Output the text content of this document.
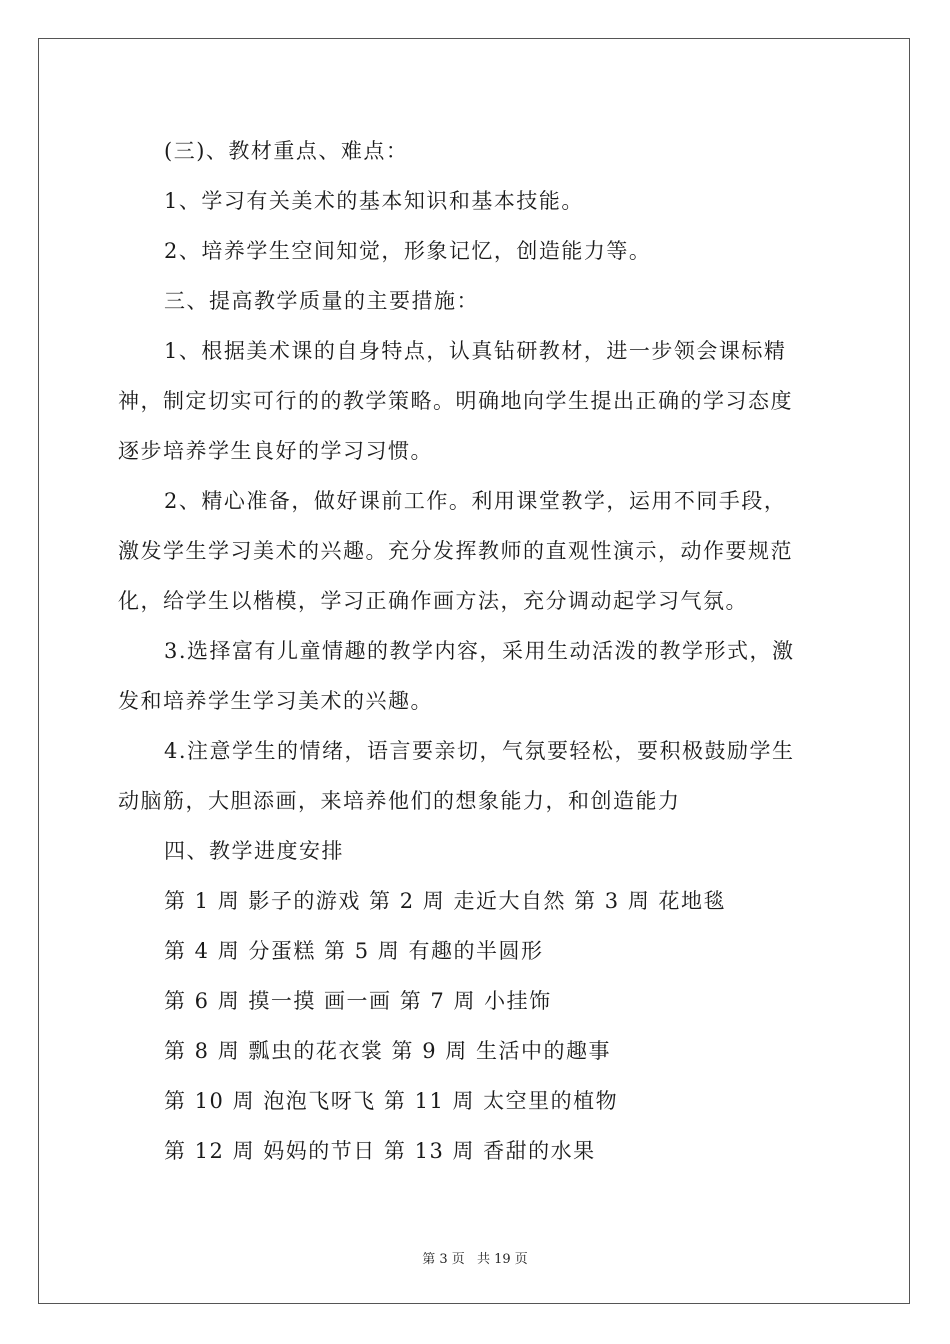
(三)、教材重点、难点：

1、学习有关美术的基本知识和基本技能。

2、培养学生空间知觉，形象记忆，创造能力等。

三、提高教学质量的主要措施：

1、根据美术课的自身特点，认真钻研教材，进一步领会课标精

神，制定切实可行的的教学策略。明确地向学生提出正确的学习态度

逐步培养学生良好的学习习惯。

2、精心准备，做好课前工作。利用课堂教学，运用不同手段，

激发学生学习美术的兴趣。充分发挥教师的直观性演示，动作要规范

化，给学生以楷模，学习正确作画方法，充分调动起学习气氛。

3.选择富有儿童情趣的教学内容，采用生动活泼的教学形式，激

发和培养学生学习美术的兴趣。

4.注意学生的情绪，语言要亲切，气氛要轻松，要积极鼓励学生

动脑筋，大胆添画，来培养他们的想象能力，和创造能力

四、教学进度安排

第 1 周 影子的游戏 第 2 周 走近大自然 第 3 周 花地毯

第 4 周 分蛋糕 第 5 周 有趣的半圆形

第 6 周 摸一摸 画一画 第 7 周 小挂饰

第 8 周 瓢虫的花衣裳 第 9 周 生活中的趣事

第 10 周 泡泡飞呀飞 第 11 周 太空里的植物

第 12 周 妈妈的节日 第 13 周 香甜的水果

第 3 页 共 19 页
